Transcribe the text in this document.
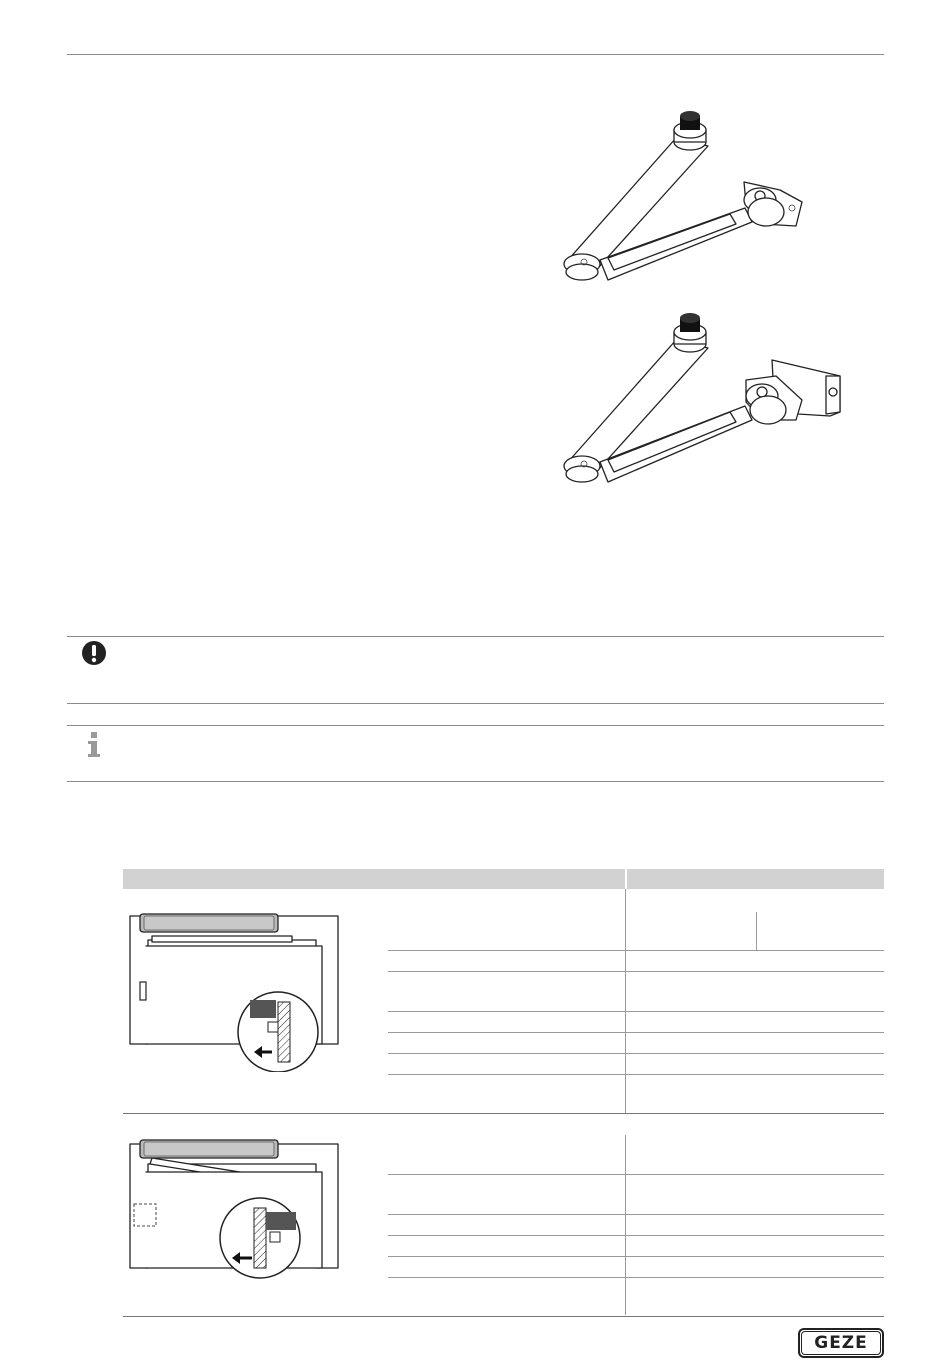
GEZE
